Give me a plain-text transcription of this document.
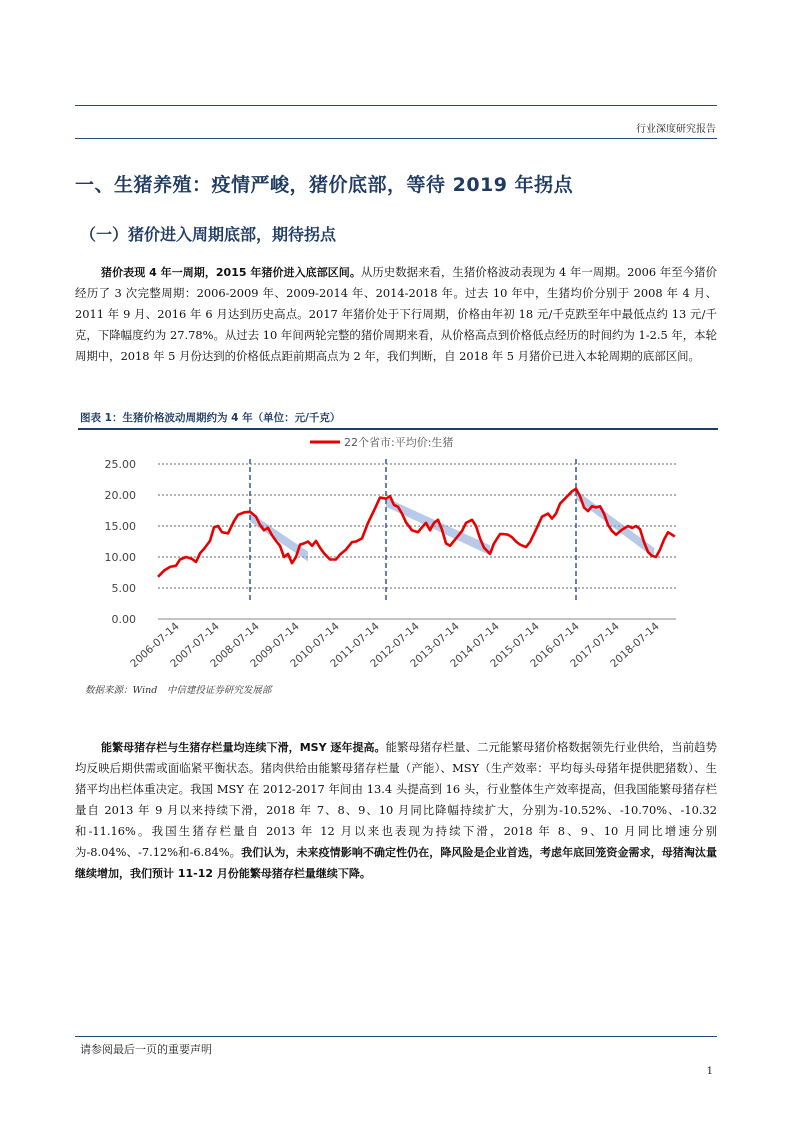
行业深度研究报告
一、生猪养殖：疫情严峻，猪价底部，等待 2019 年拐点
（一）猪价进入周期底部，期待拐点
猪价表现 4 年一周期，2015 年猪价进入底部区间。从历史数据来看，生猪价格波动表现为 4 年一周期。2006 年至今猪价经历了 3 次完整周期：2006-2009 年、2009-2014 年、2014-2018 年。过去 10 年中，生猪均价分别于 2008 年 4 月、2011 年 9 月、2016 年 6 月达到历史高点。2017 年猪价处于下行周期，价格由年初 18 元/千克跌至年中最低点约 13 元/千克，下降幅度约为 27.78%。从过去 10 年间两轮完整的猪价周期来看，从价格高点到价格低点经历的时间约为 1-2.5 年，本轮周期中，2018 年 5 月份达到的价格低点距前期高点为 2 年，我们判断，自 2018 年 5 月猪价已进入本轮周期的底部区间。
图表 1：生猪价格波动周期约为 4 年（单位：元/千克）
22个省市:平均价:生猪
0.00
5.00
10.00
15.00
20.00
25.00
2006-07-14
2007-07-14
2008-07-14
2009-07-14
2010-07-14
2011-07-14
2012-07-14
2013-07-14
2014-07-14
2015-07-14
2016-07-14
2017-07-14
2018-07-14
数据来源：Wind　中信建投证券研究发展部
能繁母猪存栏与生猪存栏量均连续下滑，MSY 逐年提高。能繁母猪存栏量、二元能繁母猪价格数据领先行业供给，当前趋势均反映后期供需或面临紧平衡状态。猪肉供给由能繁母猪存栏量（产能）、MSY（生产效率：平均每头母猪年提供肥猪数）、生猪平均出栏体重决定。我国 MSY 在 2012-2017 年间由 13.4 头提高到 16 头，行业整体生产效率提高，但我国能繁母猪存栏量自 2013 年 9 月以来持续下滑，2018 年 7、8、9、10 月同比降幅持续扩大，分别为-10.52%、-10.70%、-10.32 和-11.16%。我国生猪存栏量自 2013 年 12 月以来也表现为持续下滑，2018 年 8、9、10 月同比增速分别为-8.04%、-7.12%和-6.84%。我们认为，未来疫情影响不确定性仍在，降风险是企业首选，考虑年底回笼资金需求，母猪淘汰量继续增加，我们预计 11-12 月份能繁母猪存栏量继续下降。
请参阅最后一页的重要声明
1
